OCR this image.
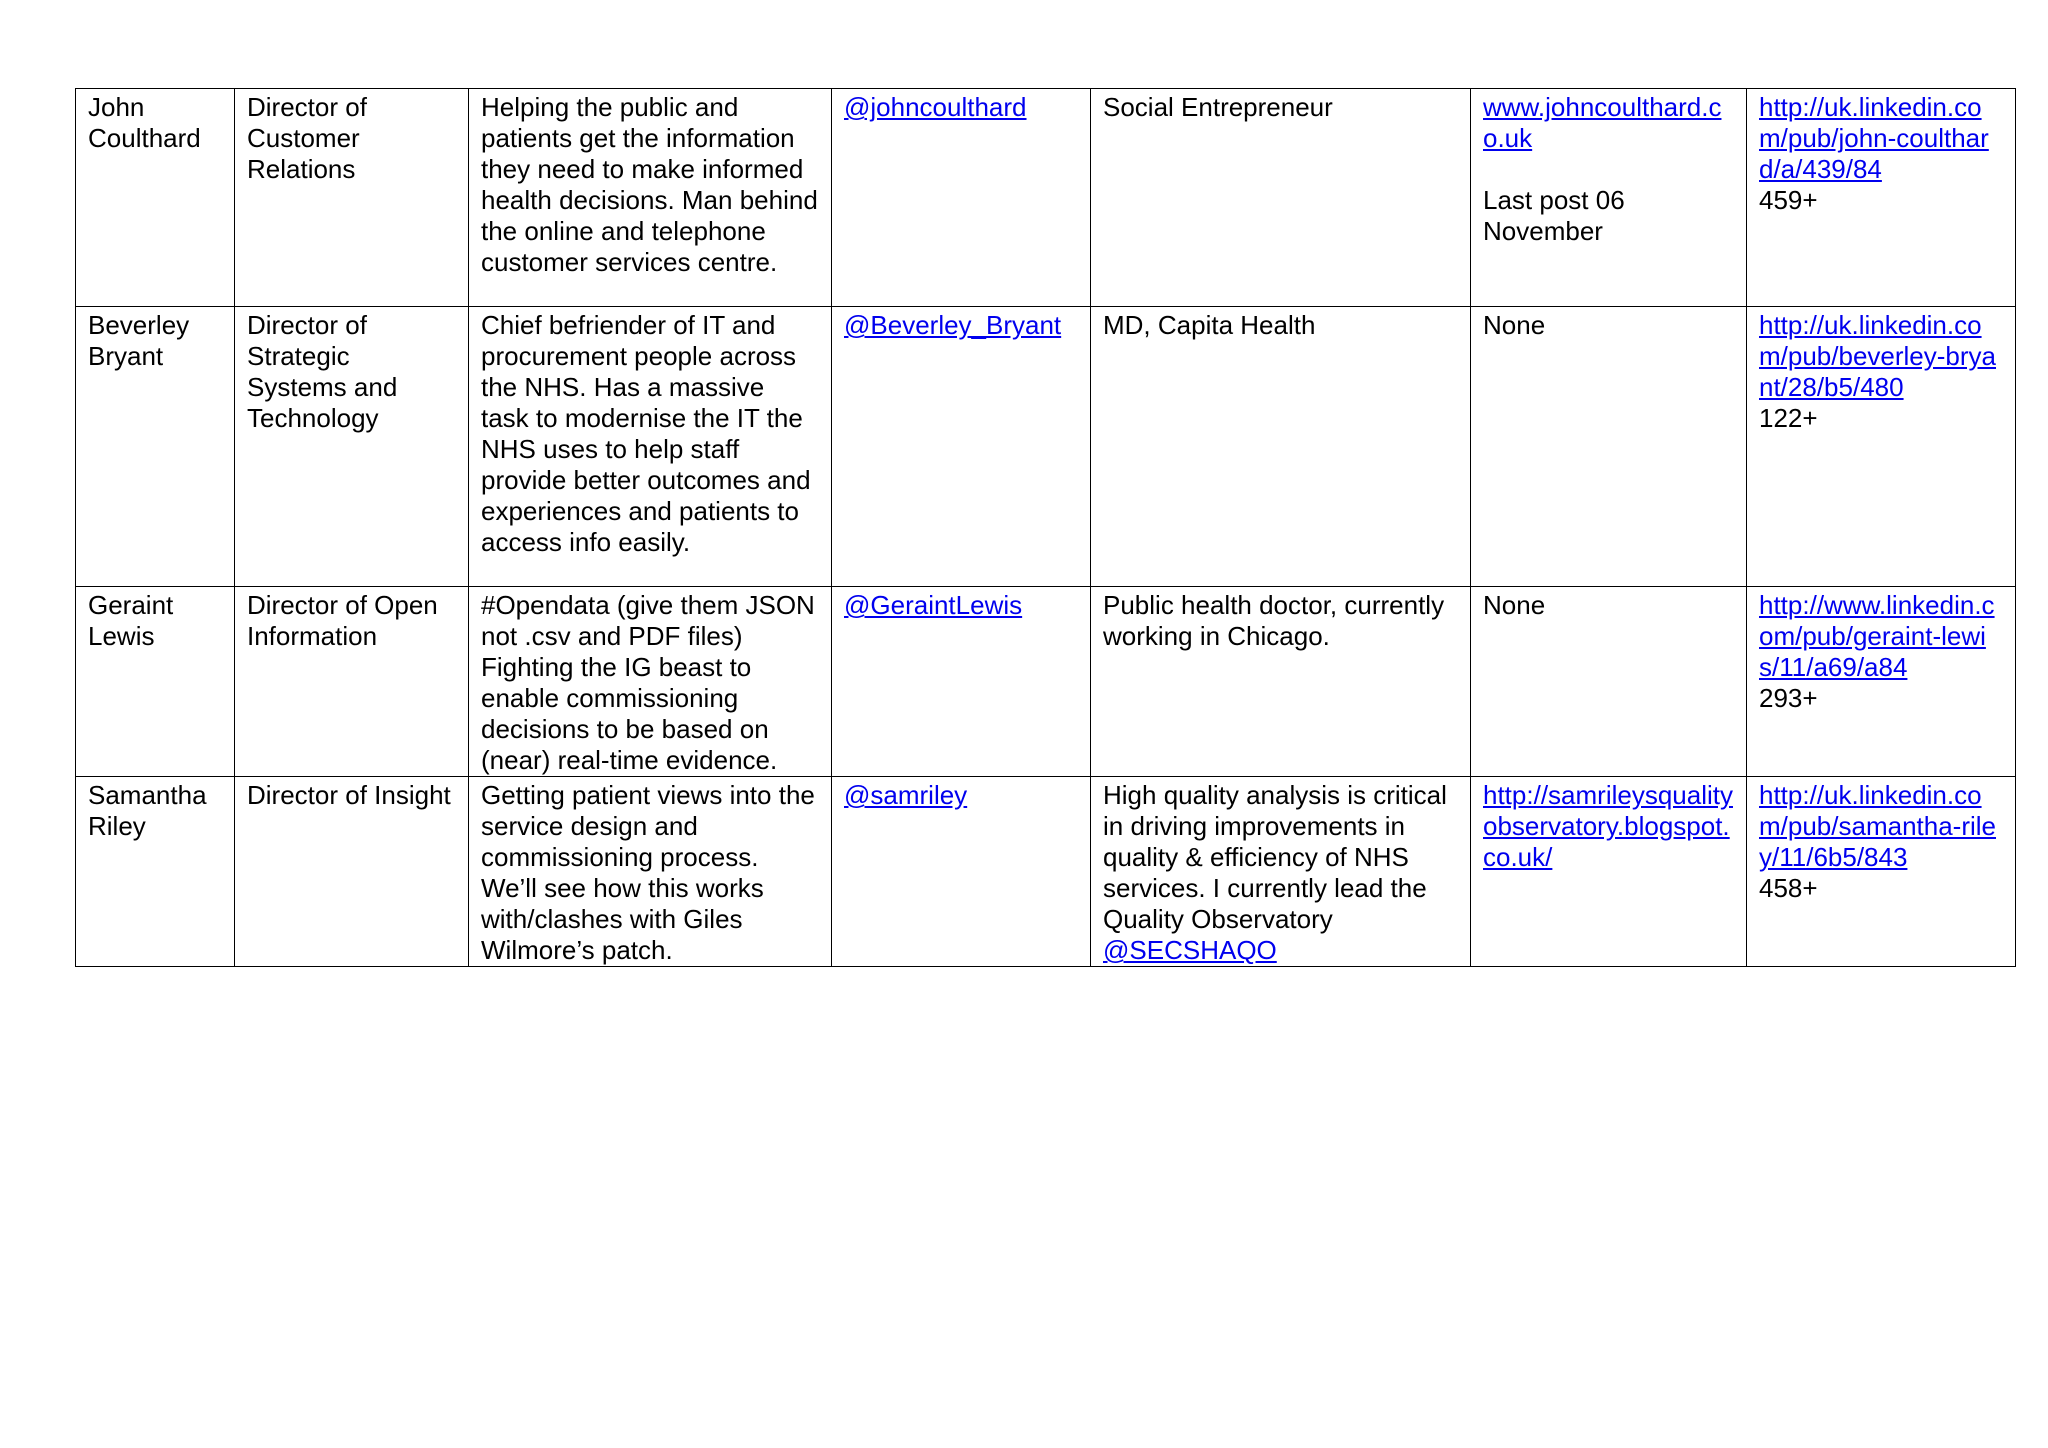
John Coulthard	Director of Customer Relations	Helping the public and patients get the information they need to make informed health decisions. Man behind the online and telephone customer services centre.	@johncoulthard	Social Entrepreneur	www.johncoulthard.co.uk
Last post 06 November	http://uk.linkedin.com/pub/john-coulthard/a/439/84
459+

Beverley Bryant	Director of Strategic Systems and Technology	Chief befriender of IT and procurement people across the NHS. Has a massive task to modernise the IT the NHS uses to help staff provide better outcomes and experiences and patients to access info easily.	@Beverley_Bryant	MD, Capita Health	None	http://uk.linkedin.com/pub/beverley-bryant/28/b5/480
122+

Geraint Lewis	Director of Open Information	#Opendata (give them JSON not .csv and PDF files) Fighting the IG beast to enable commissioning decisions to be based on (near) real-time evidence.	@GeraintLewis	Public health doctor, currently working in Chicago.	None	http://www.linkedin.com/pub/geraint-lewis/11/a69/a84
293+

Samantha Riley	Director of Insight	Getting patient views into the service design and commissioning process. We’ll see how this works with/clashes with Giles Wilmore’s patch.	@samriley	High quality analysis is critical in driving improvements in quality & efficiency of NHS services. I currently lead the Quality Observatory @SECSHAQO	http://samrileysqualityobservatory.blogspot.co.uk/	http://uk.linkedin.com/pub/samantha-riley/11/6b5/843
458+
